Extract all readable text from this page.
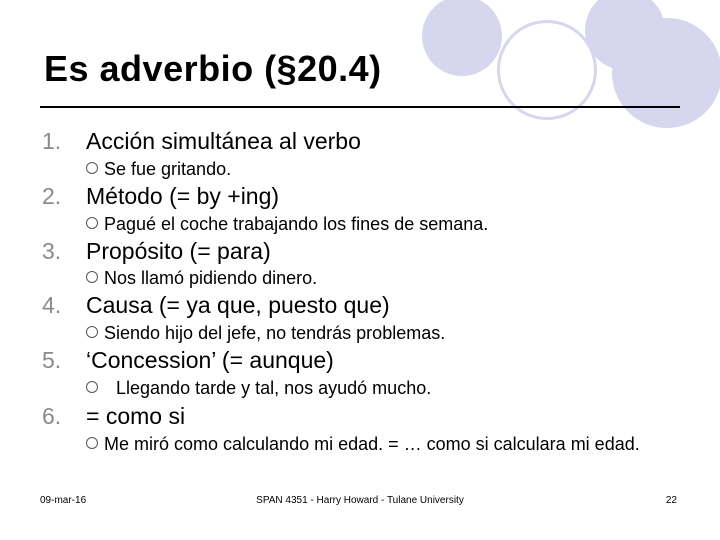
Es adverbio (§20.4)
1. Acción simultánea al verbo
Se fue gritando.
2. Método (= by +ing)
Pagué el coche trabajando los fines de semana.
3. Propósito (= para)
Nos llamó pidiendo dinero.
4. Causa (= ya que, puesto que)
Siendo hijo del jefe, no tendrás problemas.
5. ‘Concession’ (= aunque)
Llegando tarde y tal, nos ayudó mucho.
6. = como si
Me miró como calculando mi edad. = … como si calculara mi edad.
09-mar-16	SPAN 4351 - Harry Howard - Tulane University	22
